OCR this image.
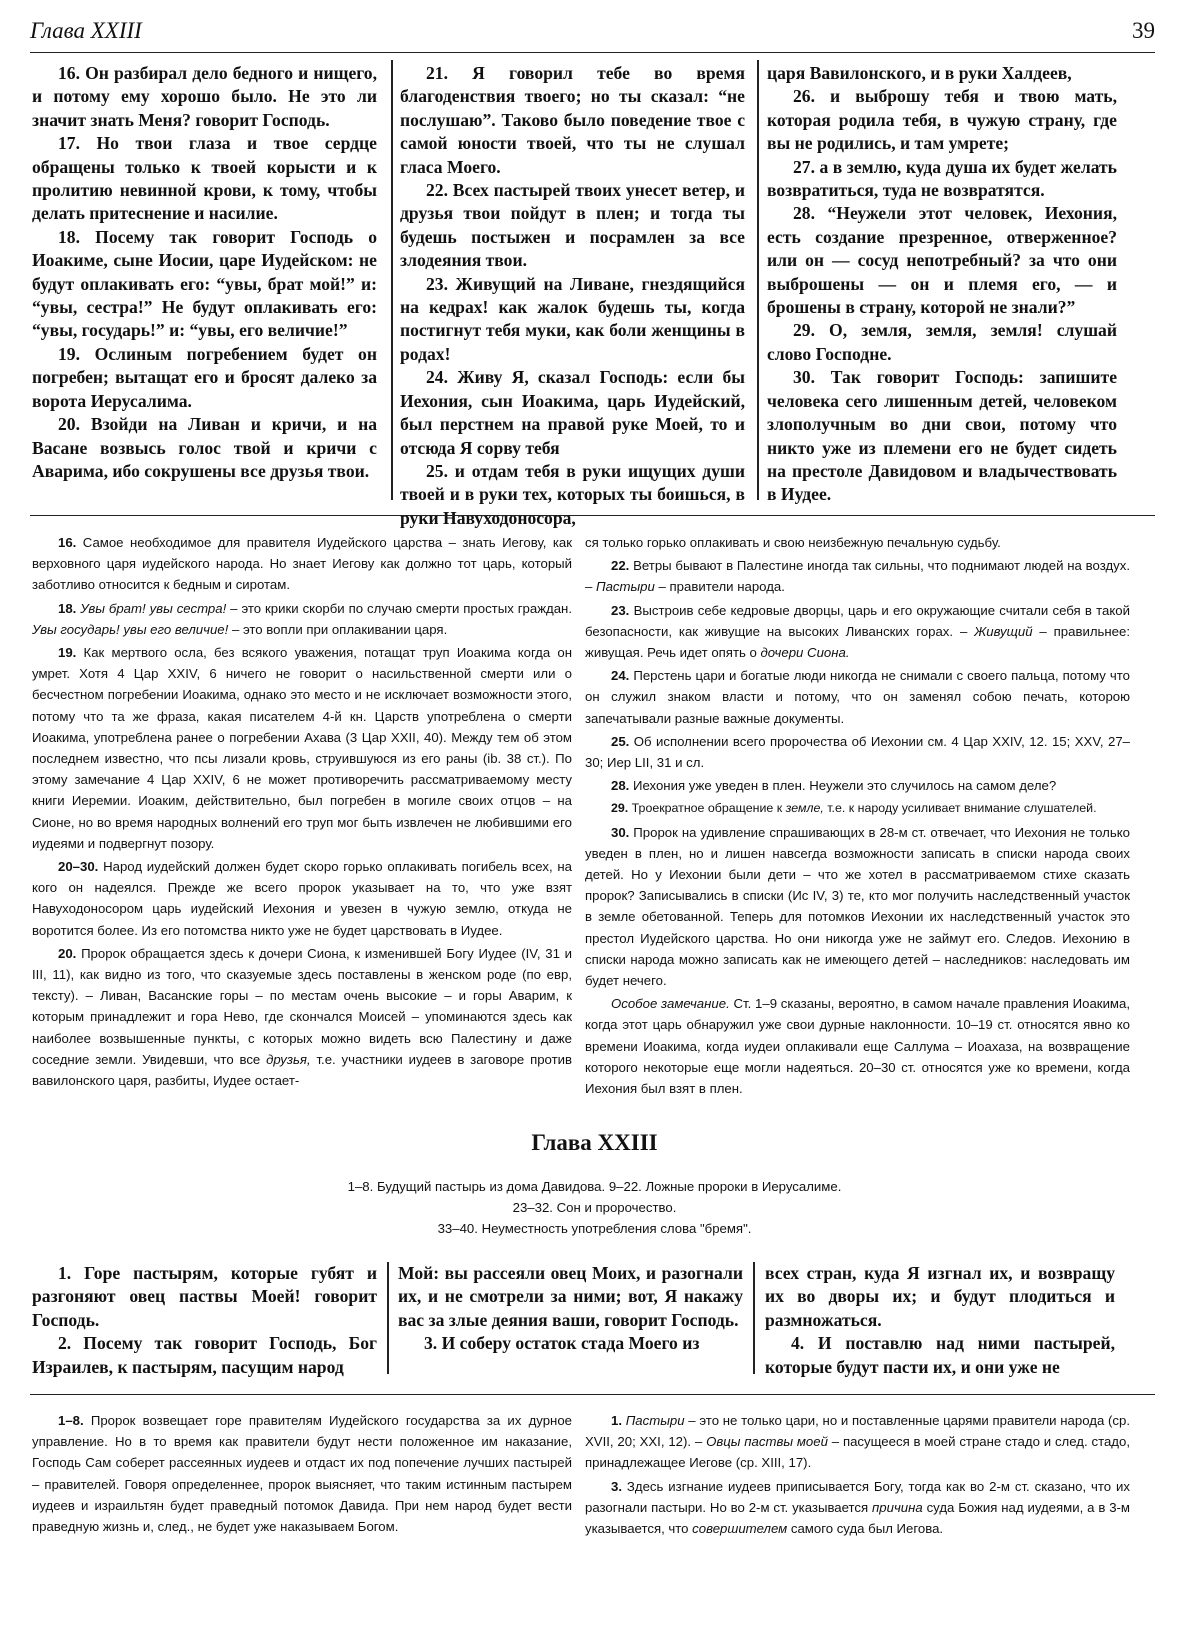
Глава XXIII	39

16. Он разбирал дело бедного и нищего, и потому ему хорошо было. Не это ли значит знать Меня? говорит Господь.

17. Но твои глаза и твое сердце обращены только к твоей корысти и к пролитию невинной крови, к тому, чтобы делать притеснение и насилие.

18. Посему так говорит Господь о Иоакиме, сыне Иосии, царе Иудейском: не будут оплакивать его: “увы, брат мой!” и: “увы, сестра!” Не будут оплакивать его: “увы, государь!” и: “увы, его величие!”

19. Ослиным погребением будет он погребен; вытащат его и бросят далеко за ворота Иерусалима.

20. Взойди на Ливан и кричи, и на Васане возвысь голос твой и кричи с Аварима, ибо сокрушены все друзья твои.

21. Я говорил тебе во время благоденствия твоего; но ты сказал: “не послушаю”. Таково было поведение твое с самой юности твоей, что ты не слушал гласа Моего.

22. Всех пастырей твоих унесет ветер, и друзья твои пойдут в плен; и тогда ты будешь постыжен и посрамлен за все злодеяния твои.

23. Живущий на Ливане, гнездящийся на кедрах! как жалок будешь ты, когда постигнут тебя муки, как боли женщины в родах!

24. Живу Я, сказал Господь: если бы Иехония, сын Иоакима, царь Иудейский, был перстнем на правой руке Моей, то и отсюда Я сорву тебя

25. и отдам тебя в руки ищущих души твоей и в руки тех, которых ты боишься, в руки Навуходоносора,

царя Вавилонского, и в руки Халдеев,

26. и выброшу тебя и твою мать, которая родила тебя, в чужую страну, где вы не родились, и там умрете;

27. а в землю, куда душа их будет желать возвратиться, туда не возвратятся.

28. “Неужели этот человек, Иехония, есть создание презренное, отверженное? или он — сосуд непотребный? за что они выброшены — он и племя его, — и брошены в страну, которой не знали?”

29. О, земля, земля, земля! слушай слово Господне.

30. Так говорит Господь: запишите человека сего лишенным детей, человеком злополучным во дни свои, потому что никто уже из племени его не будет сидеть на престоле Давидовом и владычествовать в Иудее.

16. Самое необходимое для правителя Иудейского царства – знать Иегову, как верховного царя иудейского народа. Но знает Иегову как должно тот царь, который заботливо относится к бедным и сиротам.

18. Увы брат! увы сестра! – это крики скорби по случаю смерти простых граждан. Увы государь! увы его величие! – это вопли при оплакивании царя.

19. Как мертвого осла, без всякого уважения, потащат труп Иоакима когда он умрет. Хотя 4 Цар XXIV, 6 ничего не говорит о насильственной смерти или о бесчестном погребении Иоакима, однако это место и не исключает возможности этого, потому что та же фраза, какая писателем 4-й кн. Царств употреблена о смерти Иоакима, употреблена ранее о погребении Ахава (3 Цар XXII, 40). Между тем об этом последнем известно, что псы лизали кровь, струившуюся из его раны (ib. 38 ст.). По этому замечание 4 Цар XXIV, 6 не может противоречить рассматриваемому месту книги Иеремии. Иоаким, действительно, был погребен в могиле своих отцов – на Сионе, но во время народных волнений его труп мог быть извлечен не любившими его иудеями и подвергнут позору.

20–30. Народ иудейский должен будет скоро горько оплакивать погибель всех, на кого он надеялся. Прежде же всего пророк указывает на то, что уже взят Навуходоносором царь иудейский Иехония и увезен в чужую землю, откуда не воротится более. Из его потомства никто уже не будет царствовать в Иудее.

20. Пророк обращается здесь к дочери Сиона, к изменившей Богу Иудее (IV, 31 и III, 11), как видно из того, что сказуемые здесь поставлены в женском роде (по евр, тексту). – Ливан, Васанские горы – по местам очень высокие – и горы Аварим, к которым принадлежит и гора Нево, где скончался Моисей – упоминаются здесь как наиболее возвышенные пункты, с которых можно видеть всю Палестину и даже соседние земли. Увидевши, что все друзья, т.е. участники иудеев в заговоре против вавилонского царя, разбиты, Иудее остает-

ся только горько оплакивать и свою неизбежную печальную судьбу.

22. Ветры бывают в Палестине иногда так сильны, что поднимают людей на воздух. – Пастыри – правители народа.

23. Выстроив себе кедровые дворцы, царь и его окружающие считали себя в такой безопасности, как живущие на высоких Ливанских горах. – Живущий – правильнее: живущая. Речь идет опять о дочери Сиона.

24. Перстень цари и богатые люди никогда не снимали с своего пальца, потому что он служил знаком власти и потому, что он заменял собою печать, которою запечатывали разные важные документы.

25. Об исполнении всего пророчества об Иехонии см. 4 Цар XXIV, 12. 15; XXV, 27–30; Иер LII, 31 и сл.

28. Иехония уже уведен в плен. Неужели это случилось на самом деле?

29. Троекратное обращение к земле, т.е. к народу усиливает внимание слушателей.

30. Пророк на удивление спрашивающих в 28-м ст. отвечает, что Иехония не только уведен в плен, но и лишен навсегда возможности записать в списки народа своих детей. Но у Иехонии были дети – что же хотел в рассматриваемом стихе сказать пророк? Записывались в списки (Ис IV, 3) те, кто мог получить наследственный участок в земле обетованной. Теперь для потомков Иехонии их наследственный участок это престол Иудейского царства. Но они никогда уже не займут его. Следов. Иехонию в списки народа можно записать как не имеющего детей – наследников: наследовать им будет нечего.

Особое замечание. Ст. 1–9 сказаны, вероятно, в самом начале правления Иоакима, когда этот царь обнаружил уже свои дурные наклонности. 10–19 ст. относятся явно ко времени Иоакима, когда иудеи оплакивали еще Саллума – Иоахаза, на возвращение которого некоторые еще могли надеяться. 20–30 ст. относятся уже ко времени, когда Иехония был взят в плен.

Глава XXIII
1–8. Будущий пастырь из дома Давидова. 9–22. Ложные пророки в Иерусалиме.
23–32. Сон и пророчество.
33–40. Неуместность употребления слова "бремя".

1. Горе пастырям, которые губят и разгоняют овец паствы Моей! говорит Господь.

2. Посему так говорит Господь, Бог Израилев, к пастырям, пасущим народ

Мой: вы рассеяли овец Моих, и разогнали их, и не смотрели за ними; вот, Я накажу вас за злые деяния ваши, говорит Господь.

3. И соберу остаток стада Моего из

всех стран, куда Я изгнал их, и возвращу их во дворы их; и будут плодиться и размножаться.

4. И поставлю над ними пастырей, которые будут пасти их, и они уже не

1–8. Пророк возвещает горе правителям Иудейского государства за их дурное управление. Но в то время как правители будут нести положенное им наказание, Господь Сам соберет рассеянных иудеев и отдаст их под попечение лучших пастырей – правителей. Говоря определеннее, пророк выясняет, что таким истинным пастырем иудеев и израильтян будет праведный потомок Давида. При нем народ будет вести праведную жизнь и, след., не будет уже наказываем Богом.

1. Пастыри – это не только цари, но и поставленные царями правители народа (ср. XVII, 20; XXI, 12). – Овцы паствы моей – пасущееся в моей стране стадо и след. стадо, принадлежащее Иегове (ср. XIII, 17).

3. Здесь изгнание иудеев приписывается Богу, тогда как во 2-м ст. сказано, что их разогнали пастыри. Но во 2-м ст. указывается причина суда Божия над иудеями, а в 3-м указывается, что совершителем самого суда был Иегова.
